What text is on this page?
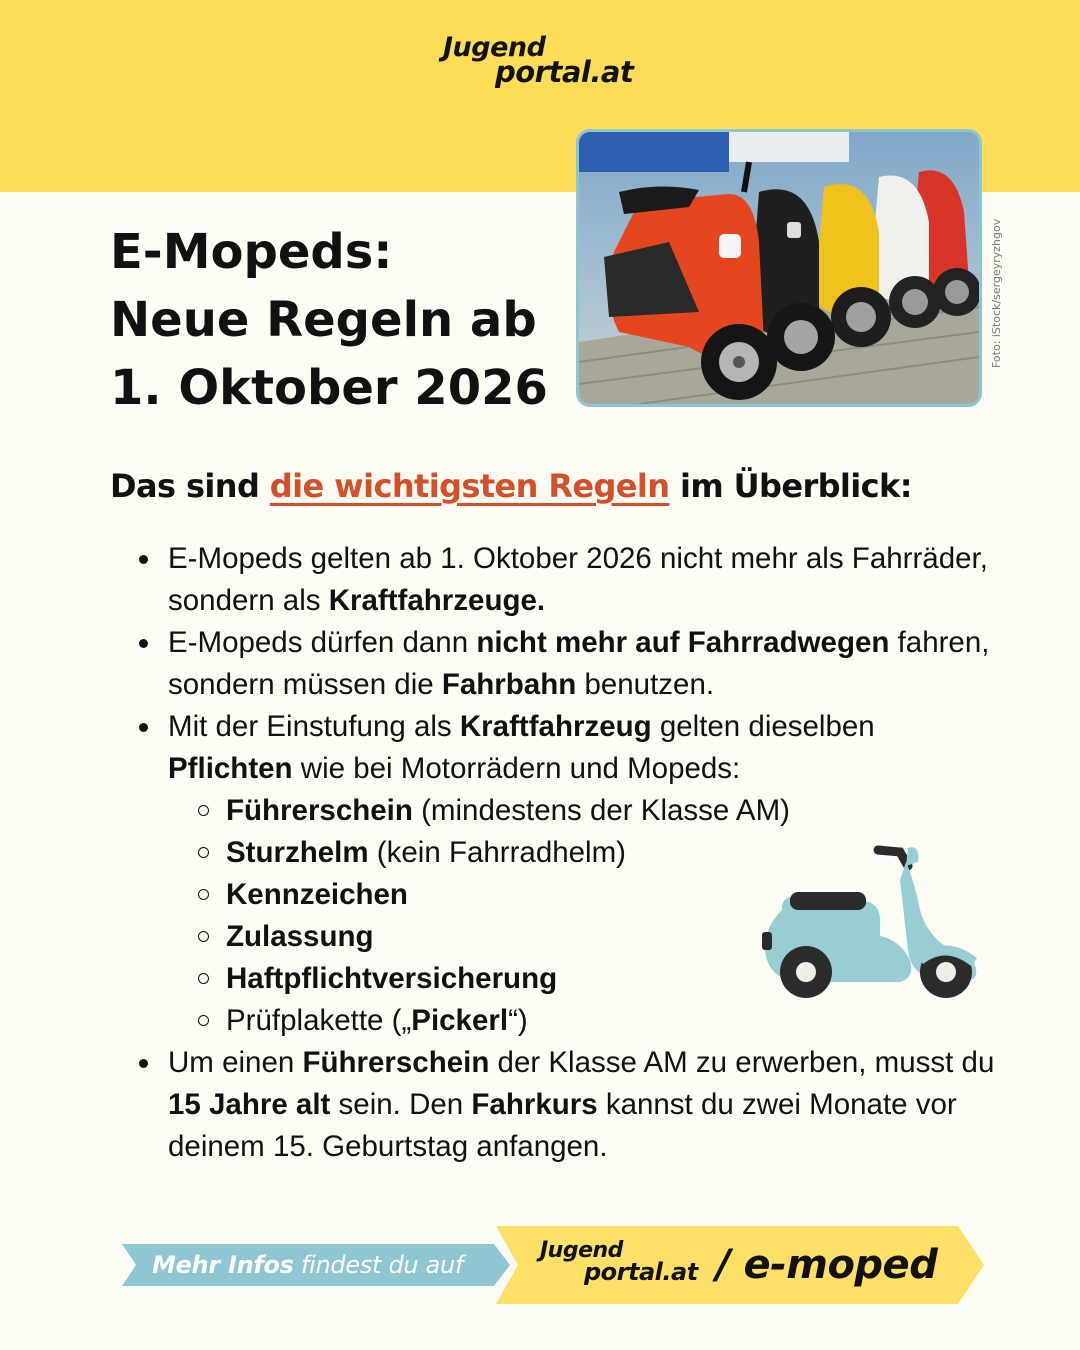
Jugend
portal.at
Foto: iStock/sergeyryzhgov
E-Mopeds:
Neue Regeln ab
1. Oktober 2026
Das sind die wichtigsten Regeln im Überblick:
E-Mopeds gelten ab 1. Oktober 2026 nicht mehr als Fahrräder, sondern als Kraftfahrzeuge.
E-Mopeds dürfen dann nicht mehr auf Fahrradwegen fahren, sondern müssen die Fahrbahn benutzen.
Mit der Einstufung als Kraftfahrzeug gelten dieselben Pflichten wie bei Motorrädern und Mopeds:
Führerschein (mindestens der Klasse AM)
Sturzhelm (kein Fahrradhelm)
Kennzeichen
Zulassung
Haftpflichtversicherung
Prüfplakette („Pickerl“)
Um einen Führerschein der Klasse AM zu erwerben, musst du 15 Jahre alt sein. Den Fahrkurs kannst du zwei Monate vor deinem 15. Geburtstag anfangen.
Mehr Infos findest du auf
Jugend
portal.at / e-moped
